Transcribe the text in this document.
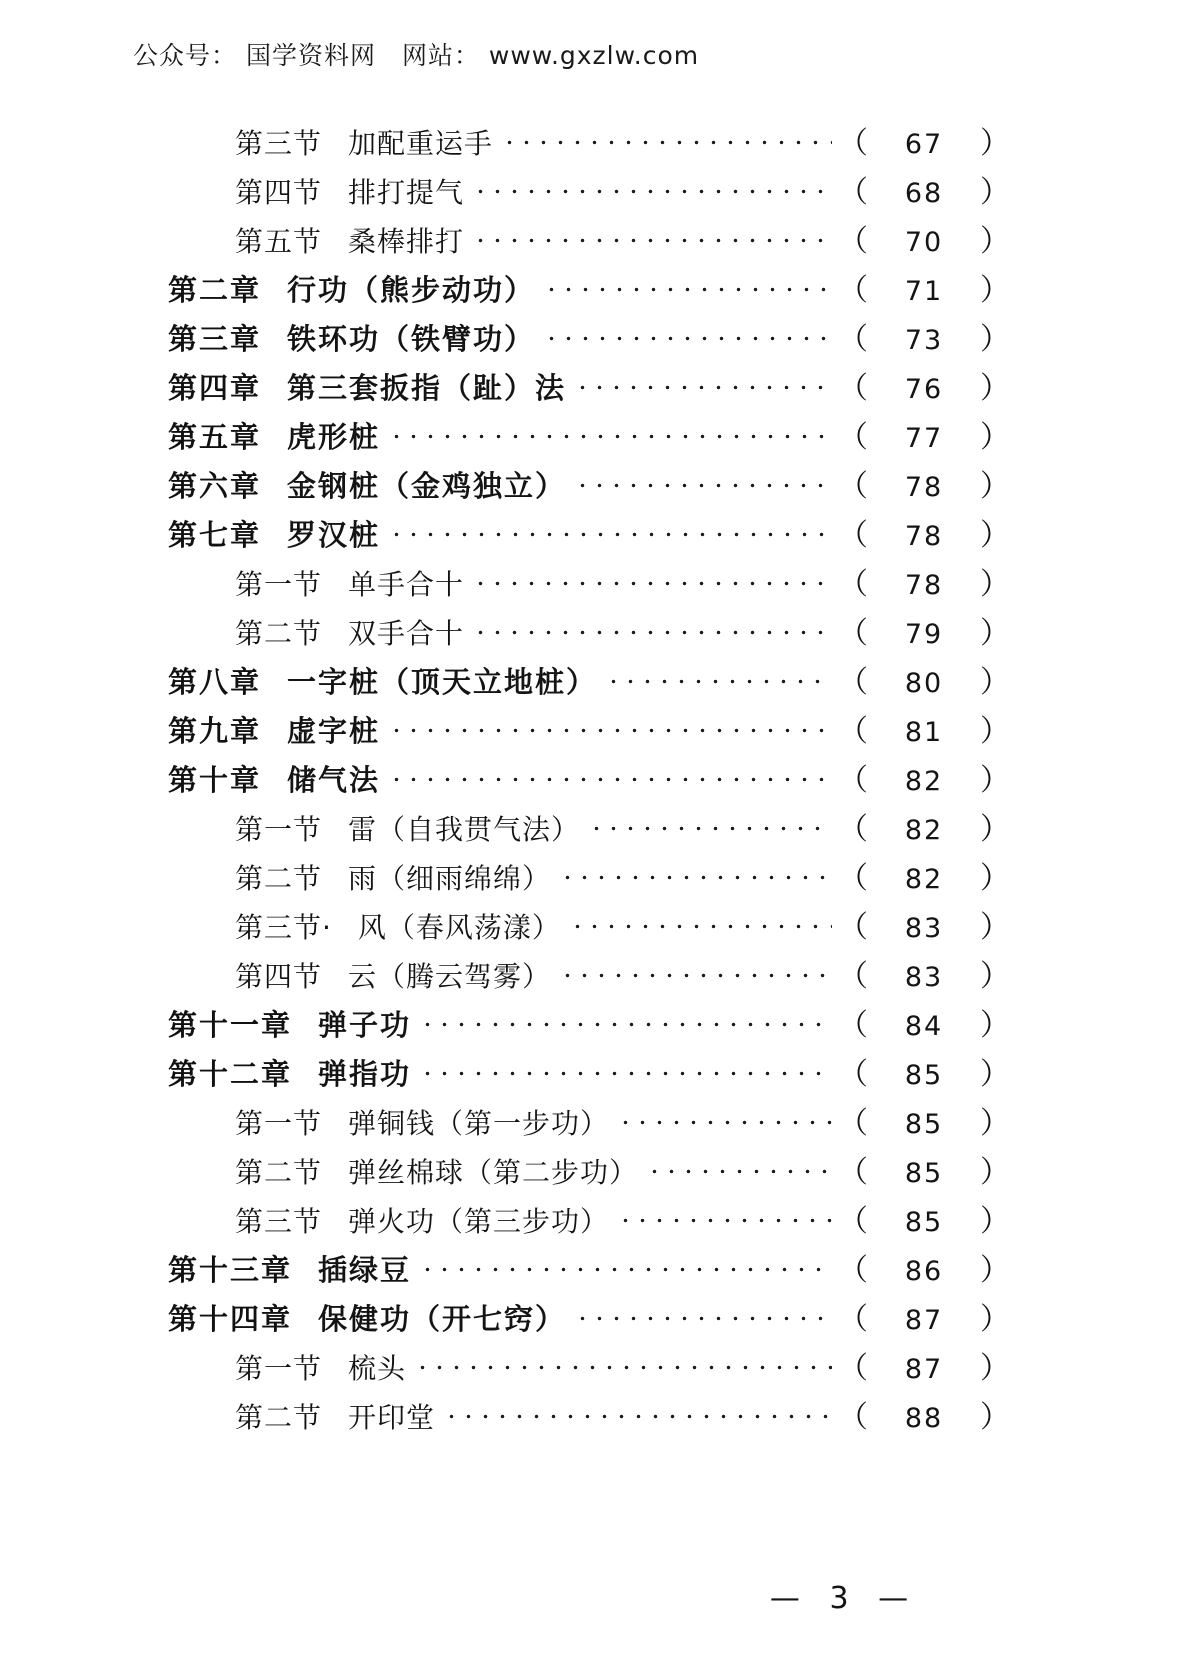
公众号： 国学资料网　网站： www.gxzlw.com
第三节 加配重运手	（	67	）
第四节 排打提气	（	68	）
第五节 桑棒排打	（	70	）
第二章 行功（熊步动功）	（	71	）
第三章 铁环功（铁臂功）	（	73	）
第四章 第三套扳指（趾）法	（	76	）
第五章 虎形桩	（	77	）
第六章 金钢桩（金鸡独立）	（	78	）
第七章 罗汉桩	（	78	）
第一节 单手合十	（	78	）
第二节 双手合十	（	79	）
第八章 一字桩（顶天立地桩）	（	80	）
第九章 虚字桩	（	81	）
第十章 储气法	（	82	）
第一节 雷（自我贯气法）	（	82	）
第二节 雨（细雨绵绵）	（	82	）
第三节· 风（春风荡漾）	（	83	）
第四节 云（腾云驾雾）	（	83	）
第十一章 弹子功	（	84	）
第十二章 弹指功	（	85	）
第一节 弹铜钱（第一步功）	（	85	）
第二节 弹丝棉球（第二步功）	（	85	）
第三节 弹火功（第三步功）	（	85	）
第十三章 插绿豆	（	86	）
第十四章 保健功（开七窍）	（	87	）
第一节 梳头	（	87	）
第二节 开印堂	（	88	）
— 3 —
